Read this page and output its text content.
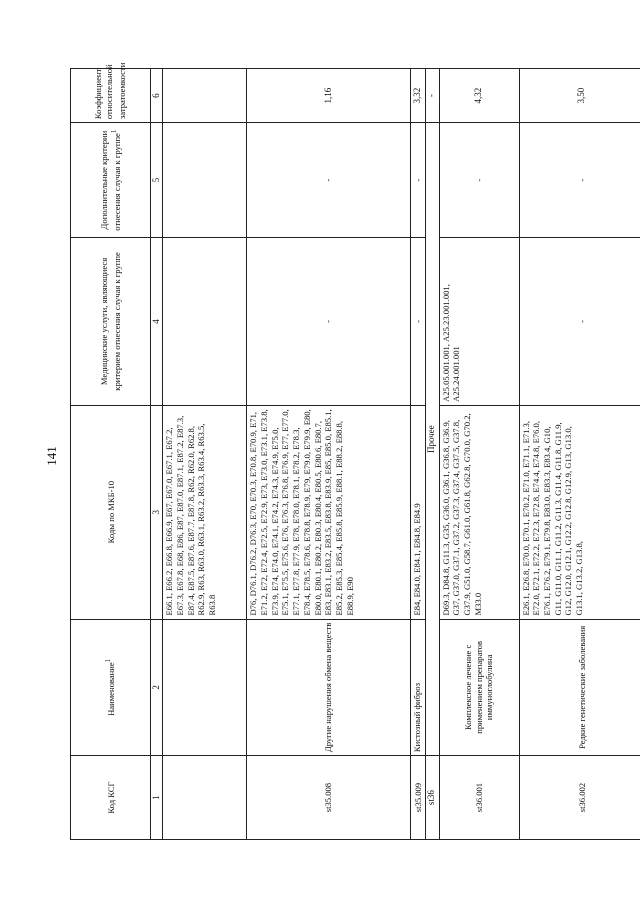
141
Код КСГ	Наименование$^1$	Коды по МКБ-10	Медицинские услуги, являющиеся критерием отнесения случая к группе	Дополнительные критерии отнесения случая к группе$^1$	Коэффициент относительной затратоемкости
1	2	3	4	5	6
		Е66.1, Е66.2, Е66.8, Е66.9, Е67, Е67.0, Е67.1, Е67.2, Е67.3, Е67.8, Е68, Е86, Е87, Е87.0, Е87.1, Е87.2, Е87.3, Е87.4, Е87.5, Е87.6, Е87.7, Е87.8, R62, R62.0, R62.8, R62.9, R63, R63.0, R63.1, R63.2, R63.3, R63.4, R63.5, R63.8			
st35.008	Другие нарушения обмена веществ	D76, D76.1, D76.2, D76.3, Е70, Е70.3, Е70.8, Е70.9, Е71, Е71.2, Е72, Е72.4, Е72.5, Е72.9, Е73, Е73.0, Е73.1, Е73.8, Е73.9, Е74, Е74.0, Е74.1, Е74.2, Е74.3, Е74.9, Е75.0, Е75.1, Е75.5, Е75.6, Е76, Е76.3, Е76.8, Е76.9, Е77, Е77.0, Е77.1, Е77.8, Е77.9, Е78, Е78.0, Е78.1, Е78.2, Е78.3, Е78.4, Е78.5, Е78.6, Е78.8, Е78.9, Е79, Е79.0, Е79.9, Е80, Е80.0, Е80.1, Е80.2, Е80.3, Е80.4, Е80.5, Е80.6, Е80.7, Е83, Е83.1, Е83.2, Е83.5, Е83.8, Е83.9, Е85, Е85.0, Е85.1, Е85.2, Е85.3, Е85.4, Е85.8, Е85.9, Е88.1, Е88.2, Е88.8, Е88.9, Е90	-	-	1,16
st35.009	Кистозный фиброз	Е84, Е84.0, Е84.1, Е84.8, Е84.9	-	-	3,32
st36	Прочее				-
st36.001	Комплексное лечение с применением препаратов иммуноглобулина	D69.3, D84.8, G11.3, G35, G36.0, G36.1, G36.8, G36.9, G37, G37.0, G37.1, G37.2, G37.3, G37.4, G37.5, G37.8, G37.9, G51.0, G58.7, G61.0, G61.8, G62.8, G70.0, G70.2, M33.0	А25.05.001.001, А25.23.001.001, А25.24.001.001	-	4,32
st36.002	Редкие генетические заболевания	Е26.1, Е26.8, Е70.0, Е70.1, Е70.2, Е71.0, Е71.1, Е71.3, Е72.0, Е72.1, Е72.2, Е72.3, Е72.8, Е74.4, Е74.8, Е76.0, Е76.1, Е76.2, Е79.1, Е79.8, Е83.0, Е83.3, Е83.4, G10, G11, G11.0, G11.1, G11.2, G11.3, G11.4, G11.8, G11.9, G12, G12.0, G12.1, G12.2, G12.8, G12.9, G13, G13.0, G13.1, G13.2, G13.8,	-	-	3,50
